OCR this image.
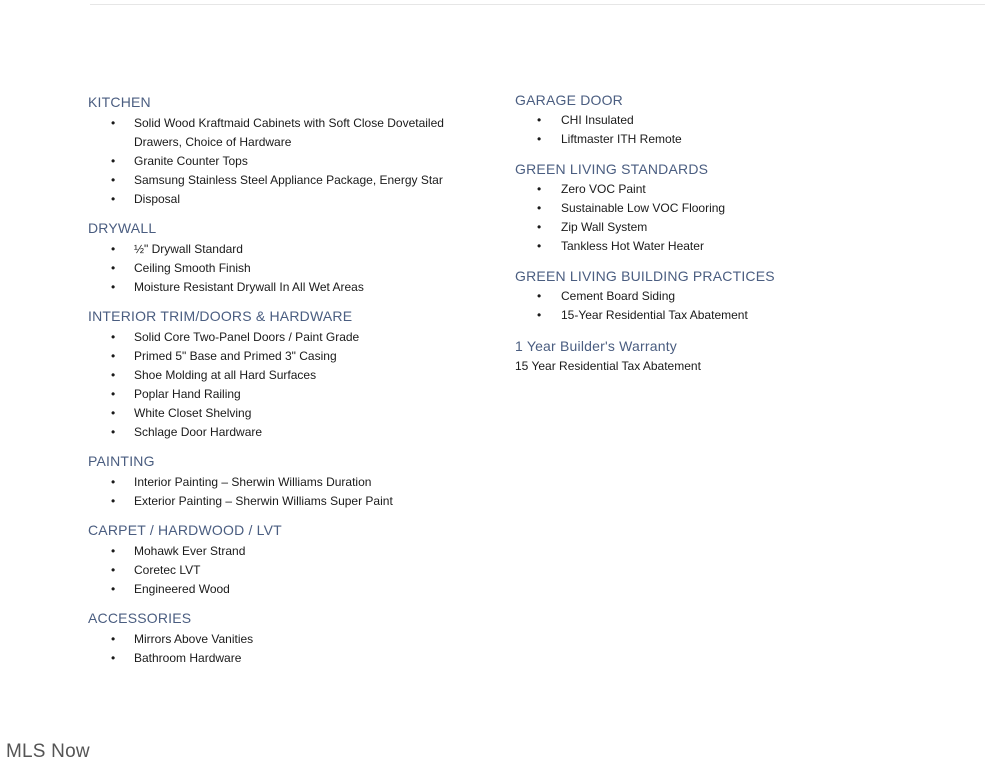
KITCHEN
• Solid Wood Kraftmaid Cabinets with Soft Close Dovetailed Drawers, Choice of Hardware
• Granite Counter Tops
• Samsung Stainless Steel Appliance Package, Energy Star
• Disposal
DRYWALL
• ½" Drywall Standard
• Ceiling Smooth Finish
• Moisture Resistant Drywall In All Wet Areas
INTERIOR TRIM/DOORS & HARDWARE
• Solid Core Two-Panel Doors / Paint Grade
• Primed 5" Base and Primed 3" Casing
• Shoe Molding at all Hard Surfaces
• Poplar Hand Railing
• White Closet Shelving
• Schlage Door Hardware
PAINTING
• Interior Painting – Sherwin Williams Duration
• Exterior Painting – Sherwin Williams Super Paint
CARPET / HARDWOOD / LVT
• Mohawk Ever Strand
• Coretec LVT
• Engineered Wood
ACCESSORIES
• Mirrors Above Vanities
• Bathroom Hardware
GARAGE DOOR
• CHI Insulated
• Liftmaster ITH Remote
GREEN LIVING STANDARDS
• Zero VOC Paint
• Sustainable Low VOC Flooring
• Zip Wall System
• Tankless Hot Water Heater
GREEN LIVING BUILDING PRACTICES
• Cement Board Siding
• 15-Year Residential Tax Abatement
1 Year Builder's Warranty
15 Year Residential Tax Abatement
MLS Now
